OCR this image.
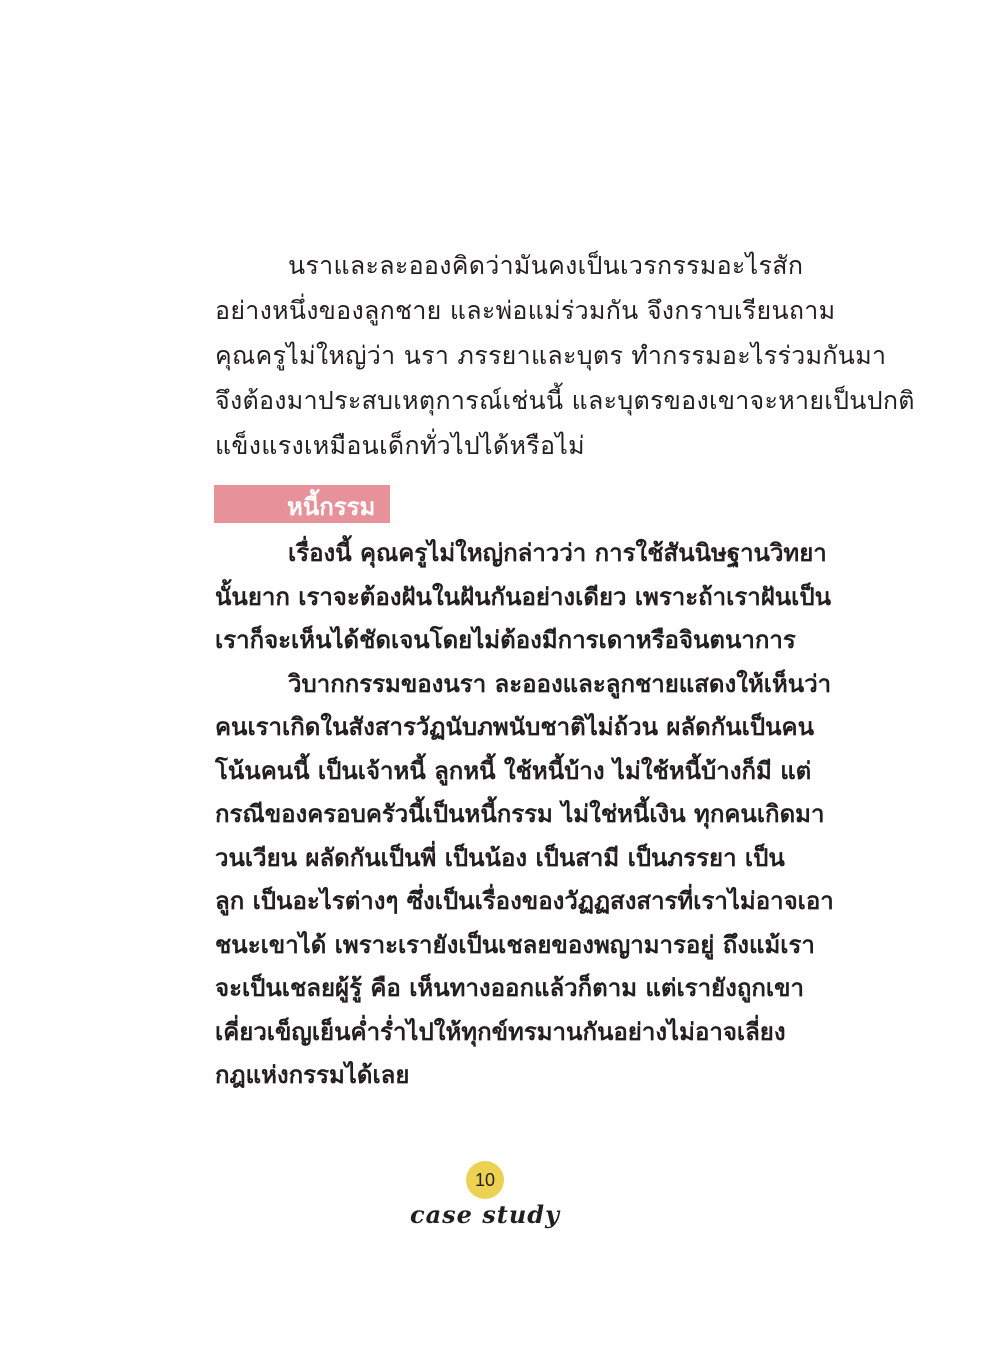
นราและละอองคิดว่ามันคงเป็นเวรกรรมอะไรสัก
อย่างหนึ่งของลูกชาย และพ่อแม่ร่วมกัน จึงกราบเรียนถาม
คุณครูไม่ใหญ่ว่า นรา ภรรยาและบุตร ทำกรรมอะไรร่วมกันมา
จึงต้องมาประสบเหตุการณ์เช่นนี้ และบุตรของเขาจะหายเป็นปกติ
แข็งแรงเหมือนเด็กทั่วไปได้หรือไม่
หนี้กรรม
เรื่องนี้ คุณครูไม่ใหญ่กล่าวว่า การใช้สันนิษฐานวิทยา
นั้นยาก เราจะต้องฝันในฝันกันอย่างเดียว เพราะถ้าเราฝันเป็น
เราก็จะเห็นได้ชัดเจนโดยไม่ต้องมีการเดาหรือจินตนาการ
วิบากกรรมของนรา ละอองและลูกชายแสดงให้เห็นว่า
คนเราเกิดในสังสารวัฏนับภพนับชาติไม่ถ้วน ผลัดกันเป็นคน
โน้นคนนี้ เป็นเจ้าหนี้ ลูกหนี้ ใช้หนี้บ้าง ไม่ใช้หนี้บ้างก็มี แต่
กรณีของครอบครัวนี้เป็นหนี้กรรม ไม่ใช่หนี้เงิน ทุกคนเกิดมา
วนเวียน ผลัดกันเป็นพี่ เป็นน้อง เป็นสามี เป็นภรรยา เป็น
ลูก เป็นอะไรต่างๆ ซึ่งเป็นเรื่องของวัฏฏสงสารที่เราไม่อาจเอา
ชนะเขาได้ เพราะเรายังเป็นเชลยของพญามารอยู่ ถึงแม้เรา
จะเป็นเชลยผู้รู้ คือ เห็นทางออกแล้วก็ตาม แต่เรายังถูกเขา
เคี่ยวเข็ญเย็นค่ำร่ำไปให้ทุกข์ทรมานกันอย่างไม่อาจเลี่ยง
กฎแห่งกรรมได้เลย
10
case study
